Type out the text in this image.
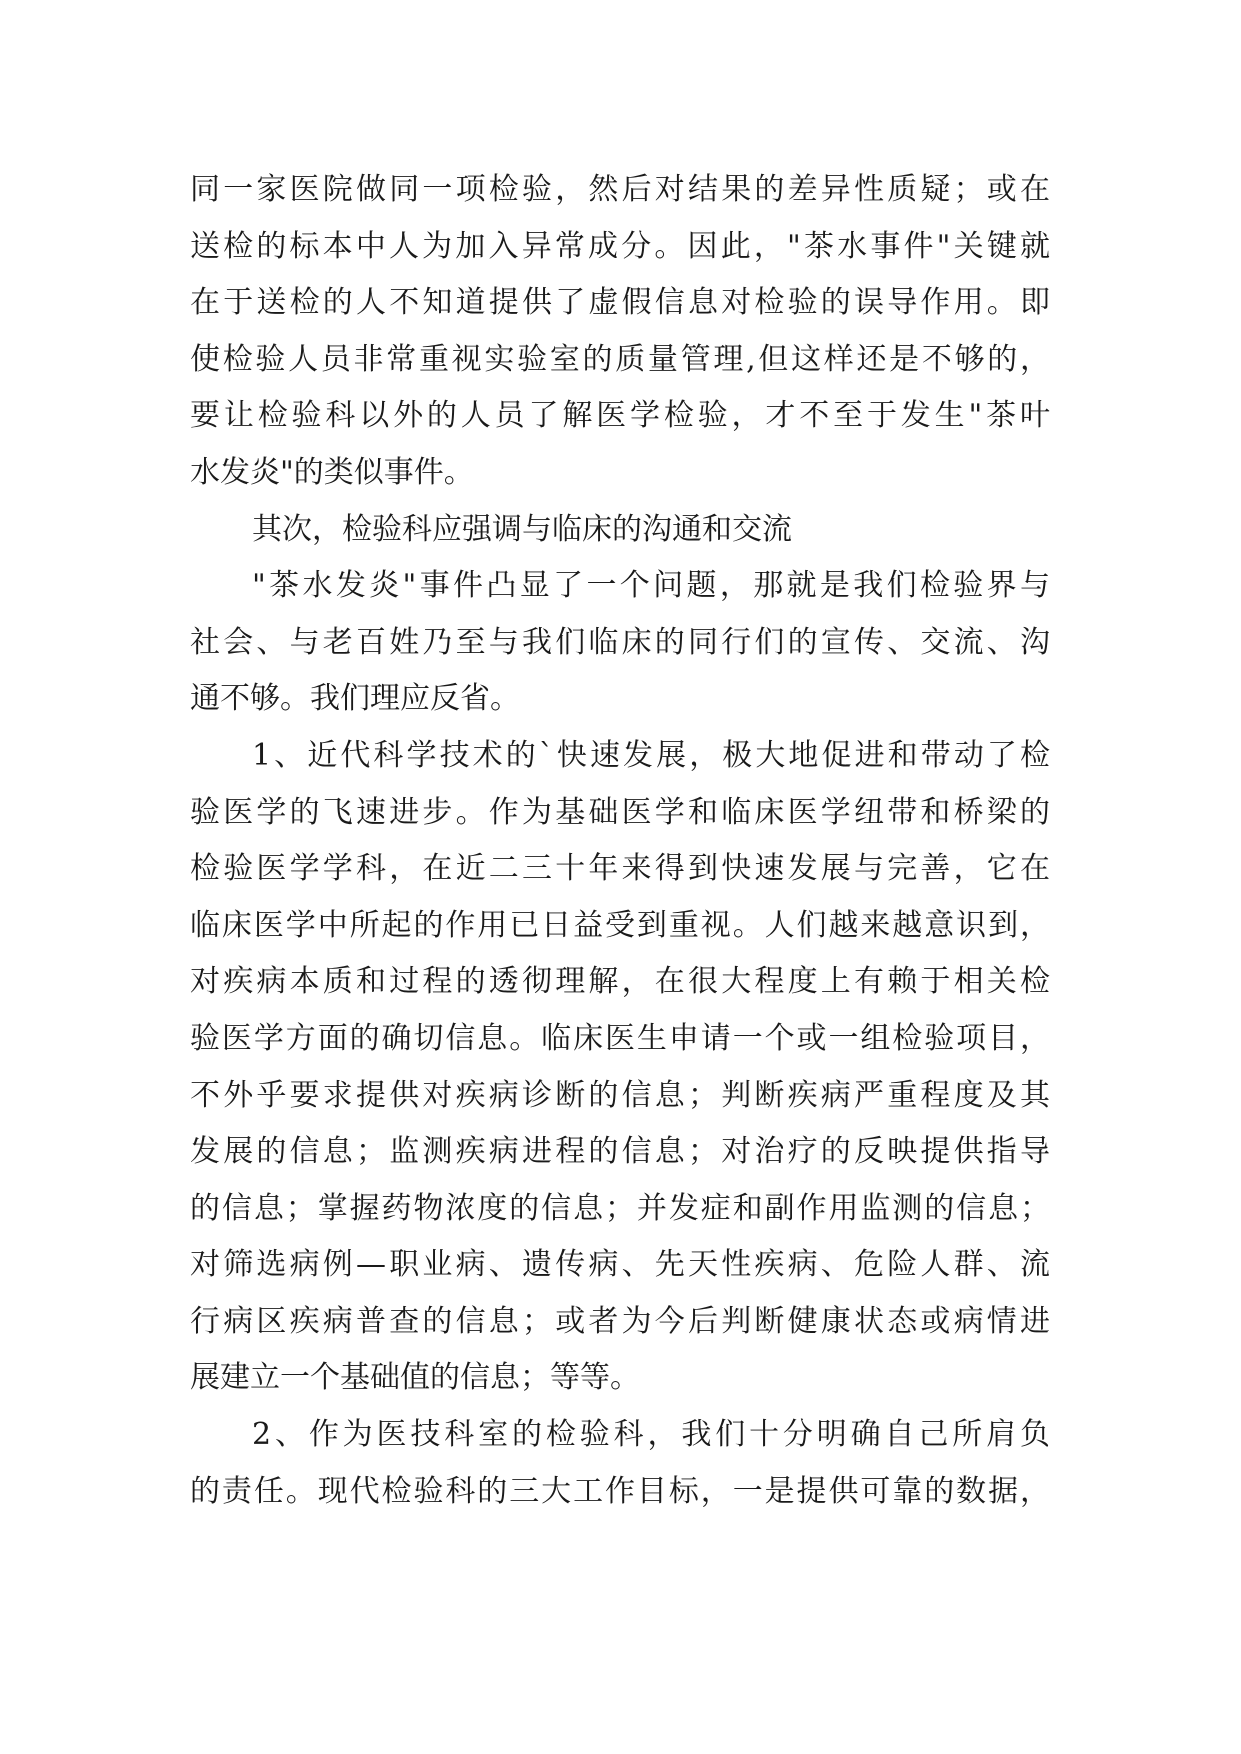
同一家医院做同一项检验，然后对结果的差异性质疑；或在
送检的标本中人为加入异常成分。因此，"茶水事件"关键就
在于送检的人不知道提供了虚假信息对检验的误导作用。即
使检验人员非常重视实验室的质量管理,但这样还是不够的，
要让检验科以外的人员了解医学检验，才不至于发生"茶叶
水发炎"的类似事件。
其次，检验科应强调与临床的沟通和交流
"茶水发炎"事件凸显了一个问题，那就是我们检验界与
社会、与老百姓乃至与我们临床的同行们的宣传、交流、沟
通不够。我们理应反省。
1、近代科学技术的`快速发展，极大地促进和带动了检
验医学的飞速进步。作为基础医学和临床医学纽带和桥梁的
检验医学学科，在近二三十年来得到快速发展与完善，它在
临床医学中所起的作用已日益受到重视。人们越来越意识到，
对疾病本质和过程的透彻理解，在很大程度上有赖于相关检
验医学方面的确切信息。临床医生申请一个或一组检验项目，
不外乎要求提供对疾病诊断的信息；判断疾病严重程度及其
发展的信息；监测疾病进程的信息；对治疗的反映提供指导
的信息；掌握药物浓度的信息；并发症和副作用监测的信息；
对筛选病例—职业病、遗传病、先天性疾病、危险人群、流
行病区疾病普查的信息；或者为今后判断健康状态或病情进
展建立一个基础值的信息；等等。
2、作为医技科室的检验科，我们十分明确自己所肩负
的责任。现代检验科的三大工作目标，一是提供可靠的数据，
